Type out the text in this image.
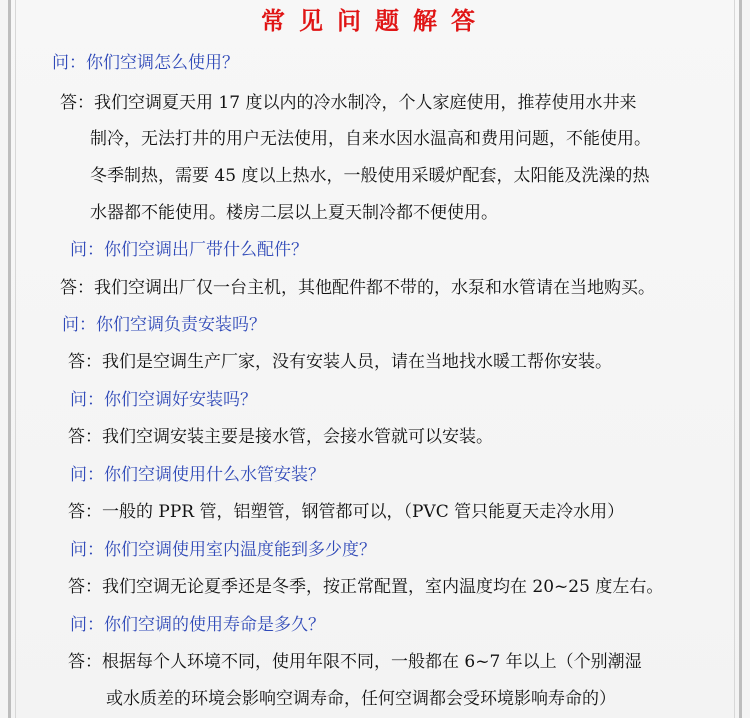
常见问题解答
问：你们空调怎么使用？
答：我们空调夏天用 17 度以内的冷水制冷，个人家庭使用，推荐使用水井来
制冷，无法打井的用户无法使用，自来水因水温高和费用问题，不能使用。
冬季制热，需要 45 度以上热水，一般使用采暖炉配套，太阳能及洗澡的热
水器都不能使用。楼房二层以上夏天制冷都不便使用。
问：你们空调出厂带什么配件？
答：我们空调出厂仅一台主机，其他配件都不带的，水泵和水管请在当地购买。
问：你们空调负责安装吗？
答：我们是空调生产厂家，没有安装人员，请在当地找水暖工帮你安装。
问：你们空调好安装吗？
答：我们空调安装主要是接水管，会接水管就可以安装。
问：你们空调使用什么水管安装？
答：一般的 PPR 管，铝塑管，钢管都可以，（PVC 管只能夏天走冷水用）
问：你们空调使用室内温度能到多少度？
答：我们空调无论夏季还是冬季，按正常配置，室内温度均在 20~25 度左右。
问：你们空调的使用寿命是多久？
答：根据每个人环境不同，使用年限不同，一般都在 6~7 年以上（个别潮湿
或水质差的环境会影响空调寿命，任何空调都会受环境影响寿命的）
